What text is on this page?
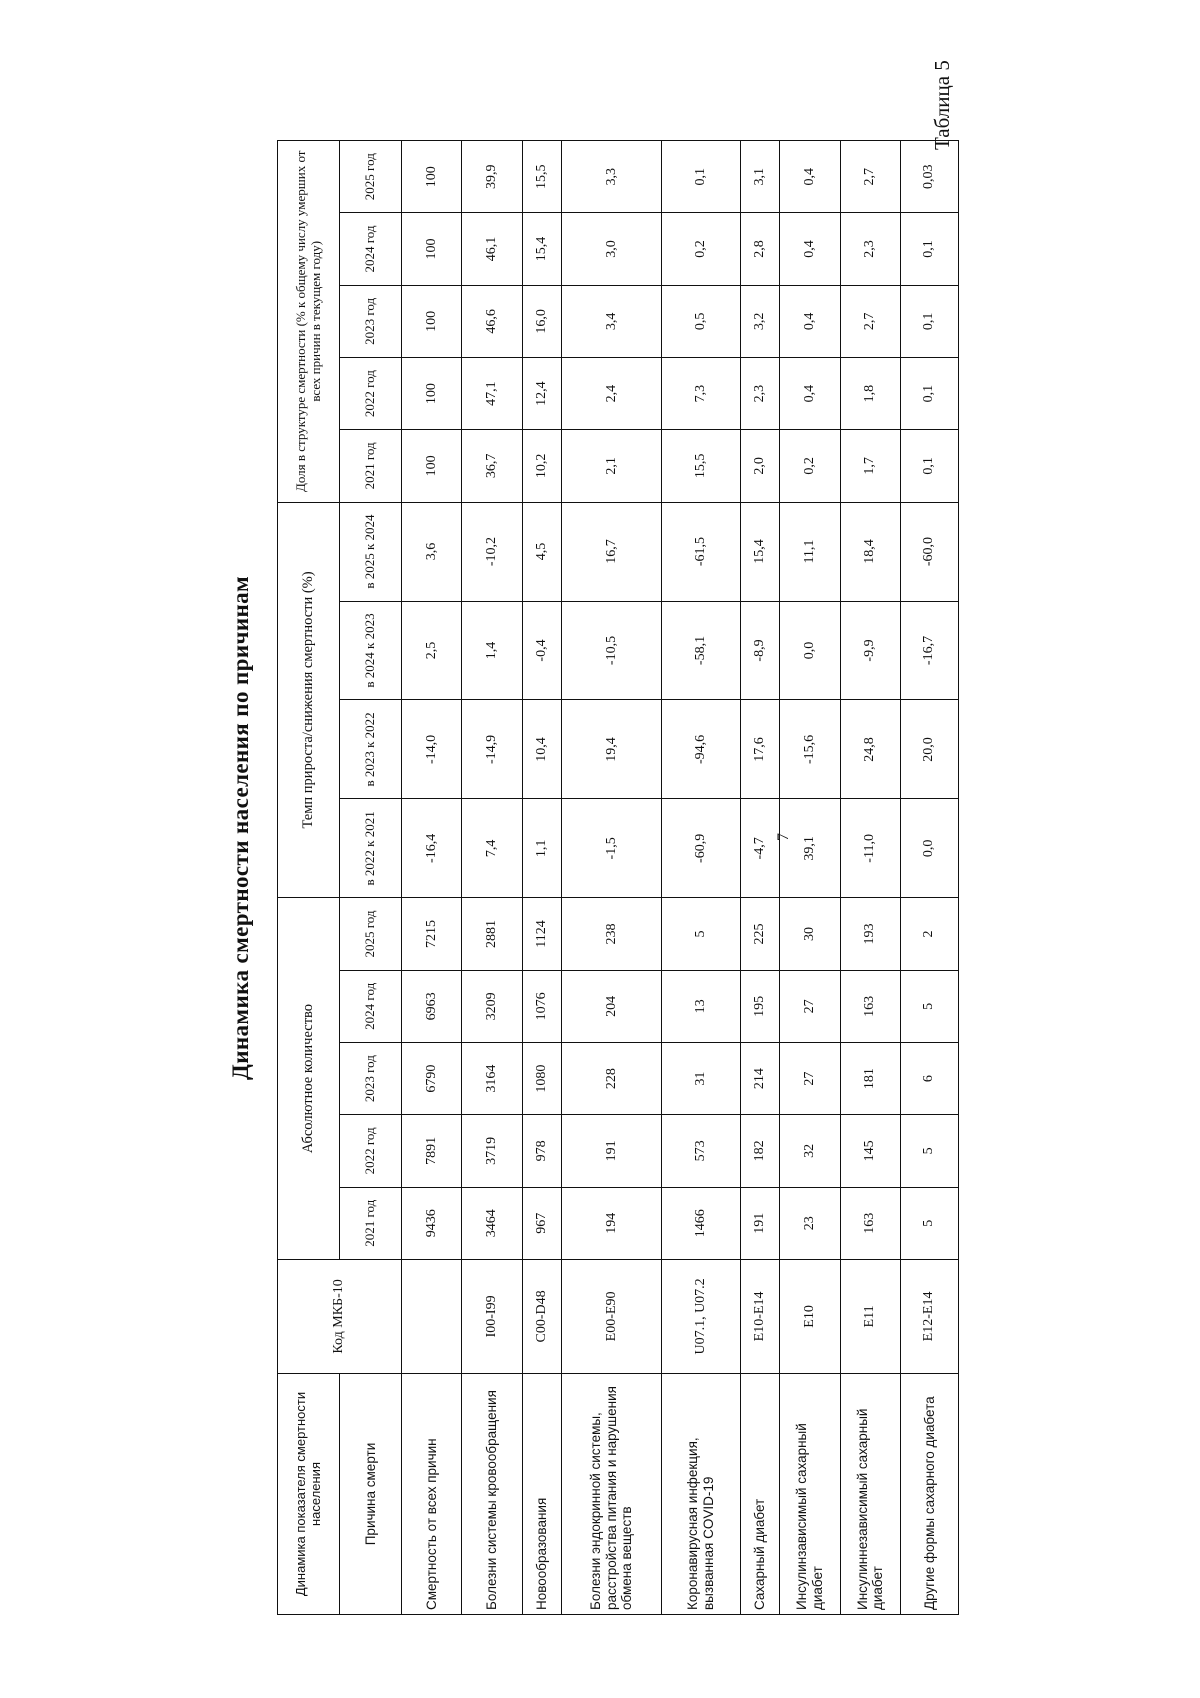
7
Таблица 5
Динамика смертности населения по причинам
Динамика показателя смертности населения	Код МКБ-10	Абсолютное количество					Темп прироста/снижения смертности (%)				Доля в структуре смертности (% к общему числу умерших от всех причин в текущем году)				
Причина смерти		2021 год	2022 год	2023 год	2024 год	2025 год	в 2022 к 2021	в 2023 к 2022	в 2024 к 2023	в 2025 к 2024	2021 год	2022 год	2023 год	2024 год	2025 год
Смертность от всех причин		9436	7891	6790	6963	7215	-16,4	-14,0	2,5	3,6	100	100	100	100	100
Болезни системы кровообращения	I00-I99	3464	3719	3164	3209	2881	7,4	-14,9	1,4	-10,2	36,7	47,1	46,6	46,1	39,9
Новообразования	C00-D48	967	978	1080	1076	1124	1,1	10,4	-0,4	4,5	10,2	12,4	16,0	15,4	15,5
Болезни эндокринной системы, расстройства питания и нарушения обмена веществ	E00-E90	194	191	228	204	238	-1,5	19,4	-10,5	16,7	2,1	2,4	3,4	3,0	3,3
Коронавирусная инфекция, вызванная COVID-19	U07.1, U07.2	1466	573	31	13	5	-60,9	-94,6	-58,1	-61,5	15,5	7,3	0,5	0,2	0,1
Сахарный диабет	E10-E14	191	182	214	195	225	-4,7	17,6	-8,9	15,4	2,0	2,3	3,2	2,8	3,1
Инсулинзависимый сахарный диабет	E10	23	32	27	27	30	39,1	-15,6	0,0	11,1	0,2	0,4	0,4	0,4	0,4
Инсулиннезависимый сахарный диабет	E11	163	145	181	163	193	-11,0	24,8	-9,9	18,4	1,7	1,8	2,7	2,3	2,7
Другие формы сахарного диабета	E12-E14	5	5	6	5	2	0,0	20,0	-16,7	-60,0	0,1	0,1	0,1	0,1	0,03
